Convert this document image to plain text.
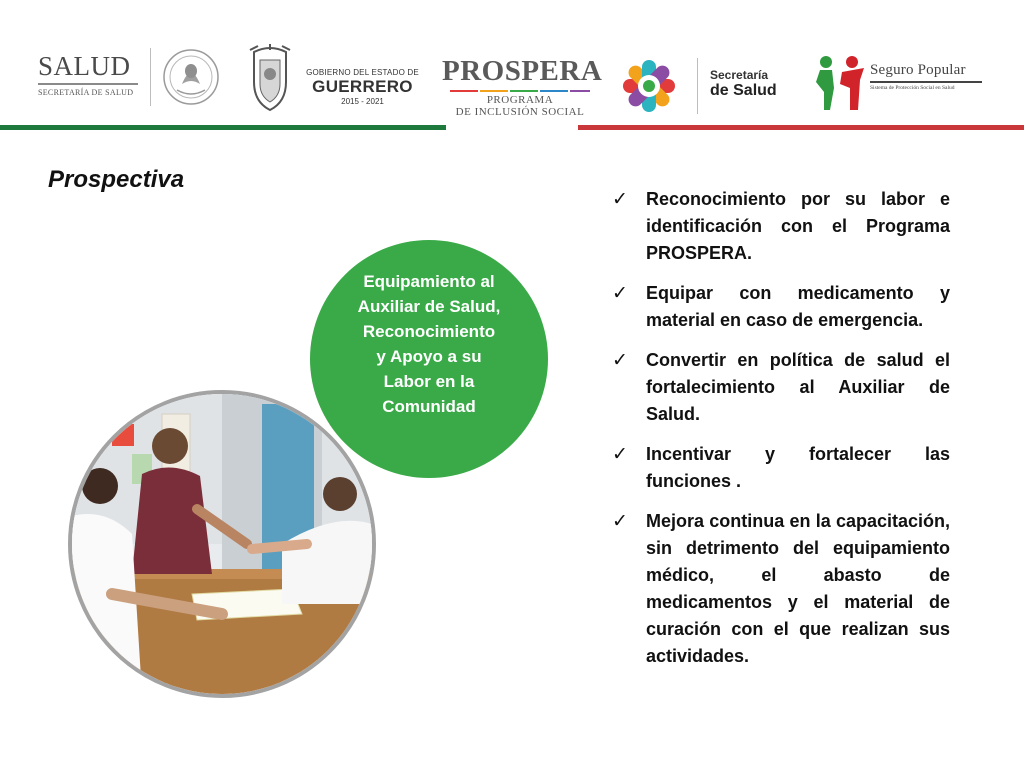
SALUD
SECRETARÍA DE SALUD
GOBIERNO DEL ESTADO DE
GUERRERO
2015 - 2021
PROSPERA
PROGRAMA
DE INCLUSIÓN SOCIAL
Secretaría
de Salud
Seguro Popular
Sistema de Protección Social en Salud
Prospectiva
Equipamiento al
Auxiliar de Salud,
Reconocimiento
y Apoyo a su
Labor en la
Comunidad
✓ Reconocimiento por su labor e identificación con el Programa PROSPERA.
✓ Equipar con medicamento y material en caso de emergencia.
✓ Convertir en política de salud el fortalecimiento al Auxiliar de Salud.
✓ Incentivar y fortalecer las funciones .
✓ Mejora continua en la capacitación, sin detrimento del equipamiento médico, el abasto de medicamentos y el material de curación con el que realizan sus actividades.
